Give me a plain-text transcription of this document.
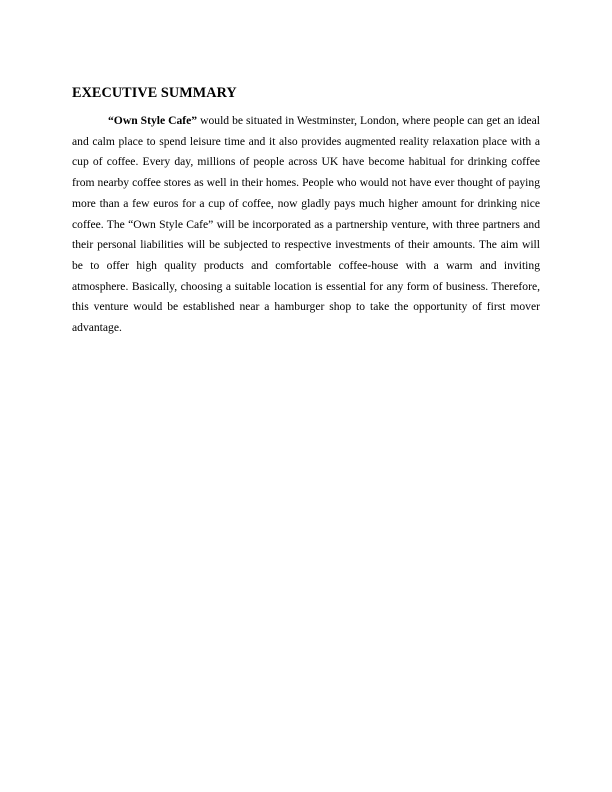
EXECUTIVE SUMMARY

“Own Style Cafe” would be situated in Westminster, London, where people can get an ideal and calm place to spend leisure time and it also provides augmented reality relaxation place with a cup of coffee. Every day, millions of people across UK have become habitual for drinking coffee from nearby coffee stores as well in their homes. People who would not have ever thought of paying more than a few euros for a cup of coffee, now gladly pays much higher amount for drinking nice coffee. The “Own Style Cafe” will be incorporated as a partnership venture, with three partners and their personal liabilities will be subjected to respective investments of their amounts. The aim will be to offer high quality products and comfortable coffee-house with a warm and inviting atmosphere. Basically, choosing a suitable location is essential for any form of business. Therefore, this venture would be established near a hamburger shop to take the opportunity of first mover advantage.
